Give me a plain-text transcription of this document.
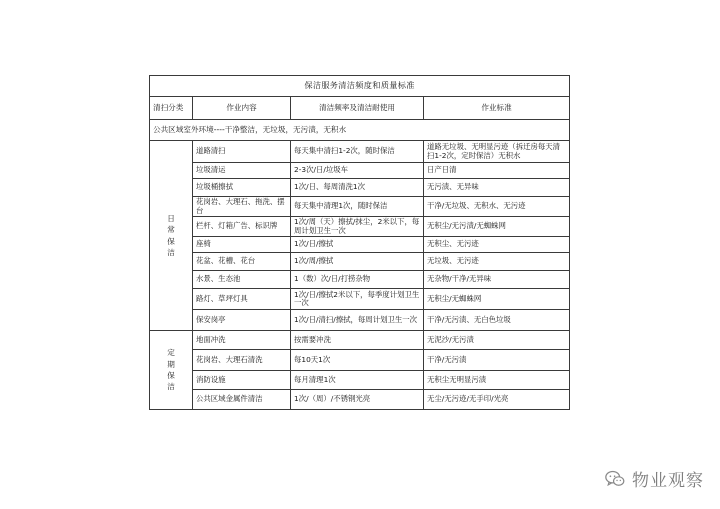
保洁服务清洁频度和质量标准			
清扫分类	作业内容	清洁频率及清洁耐使用	作业标准
公共区域室外环境----干净整洁，无垃圾，无污渍，无积水			
日常保洁	道路清扫	每天集中清扫1-2次，随时保洁	道路无垃圾、无明显污迹（拆迁房每天清扫1-2次，定时保洁）无积水
	垃圾清运	2-3次/日/垃圾车	日产日清
	垃圾桶擦拭	1次/日、每周清洗1次	无污渍、无异味
	花岗岩、大理石、拖洗、摆台	每天集中清理1次，随时保洁	干净/无垃圾、无积水、无污迹
	栏杆、灯箱广告、标识牌	1次/周（天）擦拭/抹尘，2米以下，每周计划卫生一次	无积尘/无污渍/无蜘蛛网
	座椅	1次/日/擦拭	无积尘、无污迹
	花盆、花槽、花台	1次/周/擦拭	无垃圾、无污迹
	水景、生态池	1（数）次/日/打捞杂物	无杂物/干净/无异味
	路灯、草坪灯具	1次/日/擦拭2米以下，每季度计划卫生一次	无积尘/无蜘蛛网
	保安岗亭	1次/日/清扫/擦拭，每周计划卫生一次	干净/无污渍、无白色垃圾
定期保洁	地面冲洗	按需要冲洗	无泥沙/无污渍
	花岗岩、大理石清洗	每10天1次	干净/无污渍
	消防设施	每月清理1次	无积尘无明显污渍
	公共区域金属件清洁	1次/（周）/不锈钢光亮	无尘/无污迹/无手印/光亮
物业观察
